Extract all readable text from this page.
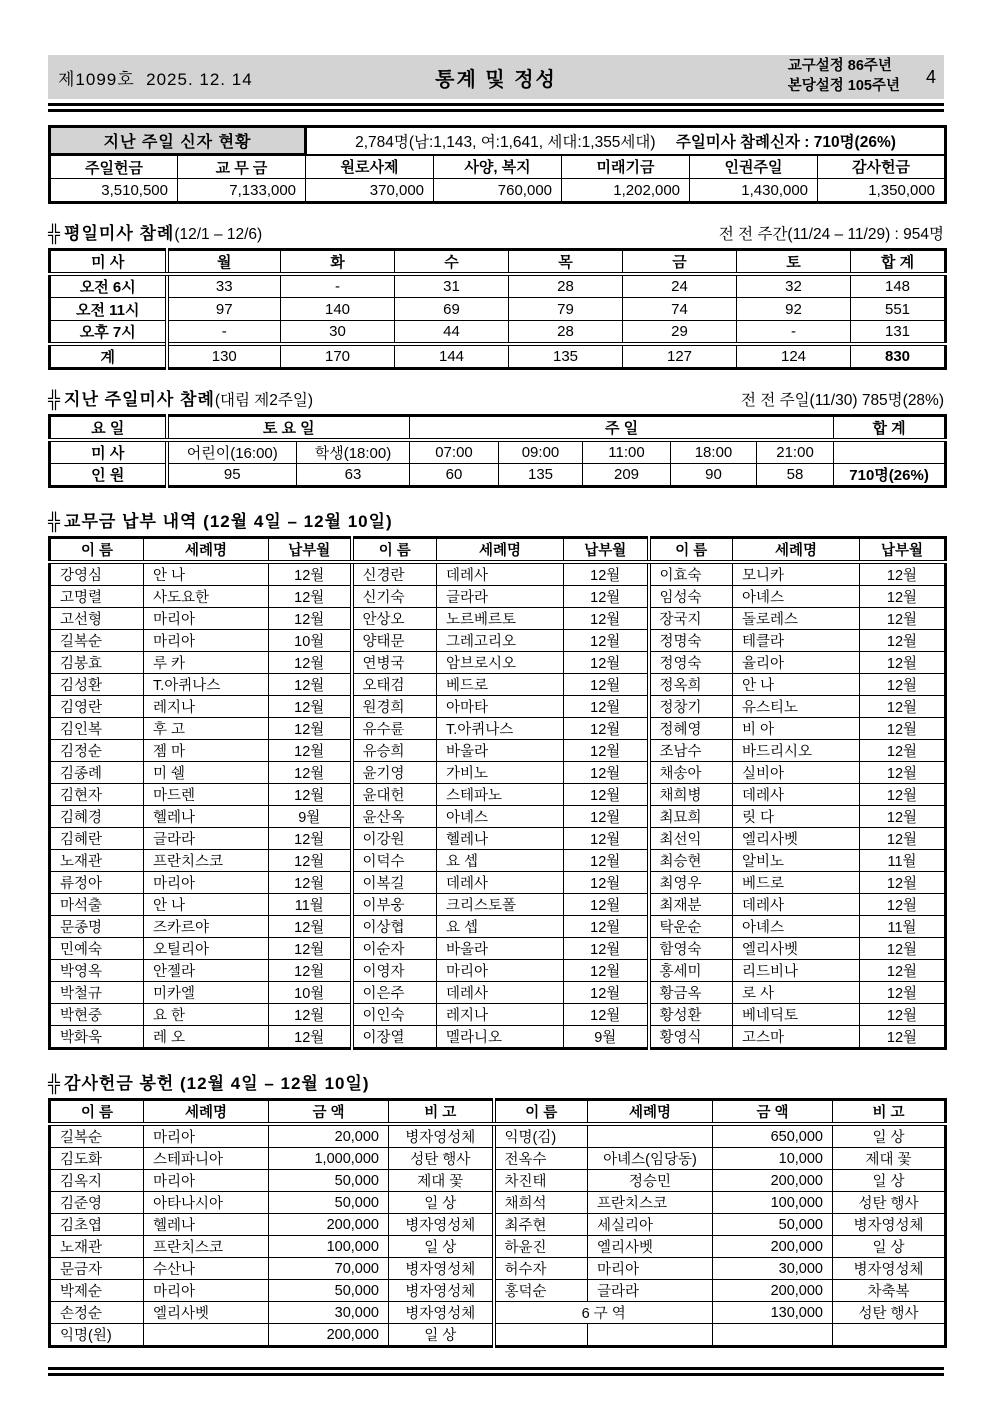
제1099호 2025. 12. 14	통계 및 정성
교구설정 86주년
본당설정 105주년 4
지난 주일 신자 현황		2,784명(남:1,143, 여:1,641, 세대:1,355세대) 주일미사 참례신자 : 710명(26%)				
주일헌금	교 무 금	원로사제	사양, 복지	미래기금	인권주일	감사헌금
3,510,500	7,133,000	370,000	760,000	1,202,000	1,430,000	1,350,000
╬ 평일미사 참례(12/1 – 12/6)	전 전 주간(11/24 – 11/29) : 954명
미 사	월	화	수	목	금	토	합 계
오전 6시	33	-	31	28	24	32	148
오전 11시	97	140	69	79	74	92	551
오후 7시	-	30	44	28	29	-	131
계	130	170	144	135	127	124	830
╬ 지난 주일미사 참례(대림 제2주일)	전 전 주일(11/30) 785명(28%)
요 일	토 요 일		주 일					합 계
미 사	어린이(16:00)	학생(18:00)	07:00	09:00	11:00	18:00	21:00	
인 원	95	63	60	135	209	90	58	710명(26%)
╬ 교무금 납부 내역 (12월 4일 – 12월 10일)
이 름	세례명	납부월	이 름	세례명	납부월	이 름	세례명	납부월
강영심	안 나	12월	신경란	데레사	12월	이효숙	모니카	12월
고명렬	사도요한	12월	신기숙	글라라	12월	임성숙	아녜스	12월
고선형	마리아	12월	안상오	노르베르토	12월	장국지	돌로레스	12월
길복순	마리아	10월	양태문	그레고리오	12월	정명숙	테클라	12월
김봉효	루 카	12월	연병국	암브로시오	12월	정영숙	율리아	12월
김성환	T.아퀴나스	12월	오태검	베드로	12월	정옥희	안 나	12월
김영란	레지나	12월	원경희	아마타	12월	정창기	유스티노	12월
김인복	후 고	12월	유수륜	T.아퀴나스	12월	정혜영	비 아	12월
김정순	젬 마	12월	유승희	바울라	12월	조남수	바드리시오	12월
김종례	미 쉘	12월	윤기영	가비노	12월	채송아	실비아	12월
김현자	마드렌	12월	윤대헌	스테파노	12월	채희병	데레사	12월
김혜경	헬레나	9월	윤산옥	아녜스	12월	최묘희	릿 다	12월
김혜란	글라라	12월	이강원	헬레나	12월	최선익	엘리사벳	12월
노재관	프란치스코	12월	이덕수	요 셉	12월	최승현	알비노	11월
류정아	마리아	12월	이복길	데레사	12월	최영우	베드로	12월
마석출	안 나	11월	이부웅	크리스토폴	12월	최재분	데레사	12월
문종명	즈카르야	12월	이상협	요 셉	12월	탁운순	아녜스	11월
민예숙	오틸리아	12월	이순자	바울라	12월	함영숙	엘리사벳	12월
박영옥	안젤라	12월	이영자	마리아	12월	홍세미	리드비나	12월
박철규	미카엘	10월	이은주	데레사	12월	황금옥	로 사	12월
박현중	요 한	12월	이인숙	레지나	12월	황성환	베네딕토	12월
박화욱	레 오	12월	이장열	멜라니오	9월	황영식	고스마	12월
╬ 감사헌금 봉헌 (12월 4일 – 12월 10일)
이 름	세례명	금 액	비 고	이 름	세례명	금 액	비 고
길복순	마리아	20,000	병자영성체	익명(김)		650,000	일 상
김도화	스테파니아	1,000,000	성탄 행사	전옥수	아녜스(임당동)	10,000	제대 꽃
김옥지	마리아	50,000	제대 꽃	차진태	정승민	200,000	일 상
김준영	아타나시아	50,000	일 상	채희석	프란치스코	100,000	성탄 행사
김초엽	헬레나	200,000	병자영성체	최주현	세실리아	50,000	병자영성체
노재관	프란치스코	100,000	일 상	하윤진	엘리사벳	200,000	일 상
문금자	수산나	70,000	병자영성체	허수자	마리아	30,000	병자영성체
박제순	마리아	50,000	병자영성체	홍덕순	글라라	200,000	차축복
손정순	엘리사벳	30,000	병자영성체	6 구 역		130,000	성탄 행사
익명(원)		200,000	일 상				
